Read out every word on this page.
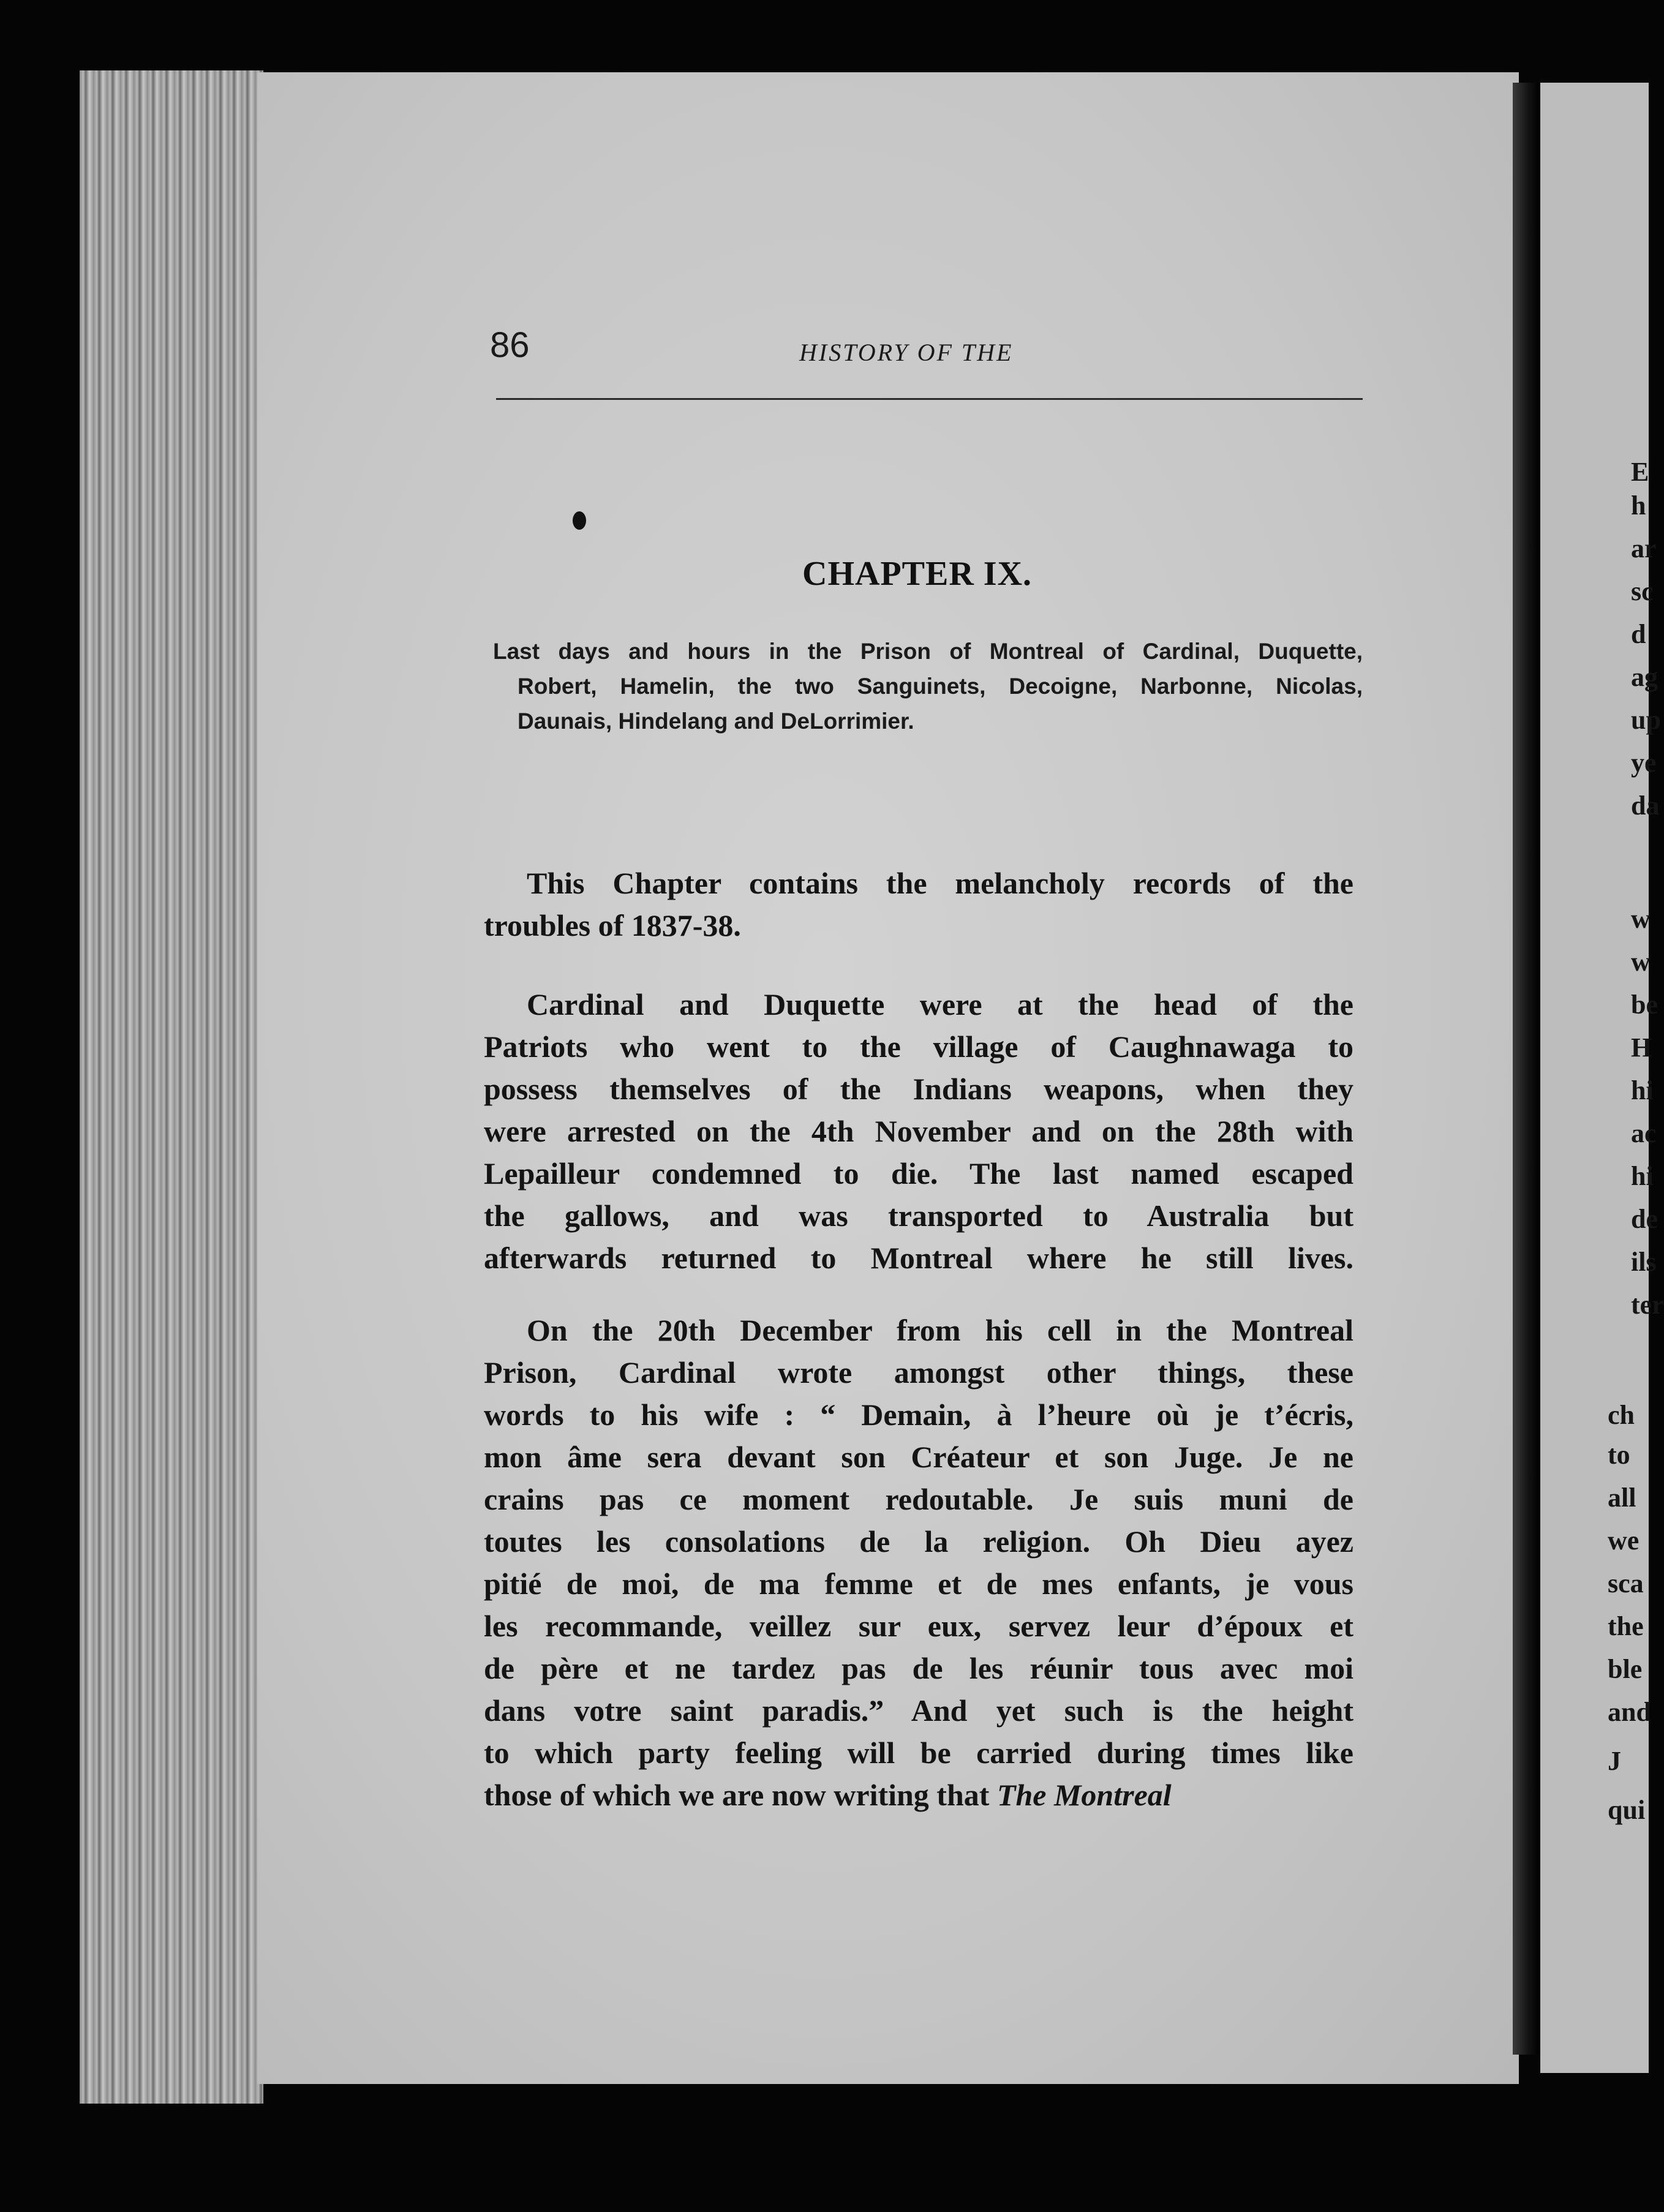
E
h
ar
sc
d
ag
up
ye
da
w
w
be
H
hi
ac
hi
de
ils
ter
ch
to
all
we
sca
the
ble
and
J
qui
86	HISTORY OF THE
CHAPTER IX.
Last days and hours in the Prison of Montreal of Cardinal, Duquette,
Robert, Hamelin, the two Sanguinets, Decoigne, Narbonne, Nicolas,
Daunais, Hindelang and DeLorrimier.
This Chapter contains the melancholy records of the
troubles of 1837-38.
Cardinal and Duquette were at the head of the
Patriots who went to the village of Caughnawaga to
possess themselves of the Indians weapons, when they
were arrested on the 4th November and on the 28th with
Lepailleur condemned to die. The last named escaped
the gallows, and was transported to Australia but
afterwards returned to Montreal where he still lives.
On the 20th December from his cell in the Montreal
Prison, Cardinal wrote amongst other things, these
words to his wife : “ Demain, à l’heure où je t’écris,
mon âme sera devant son Créateur et son Juge. Je ne
crains pas ce moment redoutable. Je suis muni de
toutes les consolations de la religion. Oh Dieu ayez
pitié de moi, de ma femme et de mes enfants, je vous
les recommande, veillez sur eux, servez leur d’époux et
de père et ne tardez pas de les réunir tous avec moi
dans votre saint paradis.” And yet such is the height
to which party feeling will be carried during times like
those of which we are now writing that The Montreal
